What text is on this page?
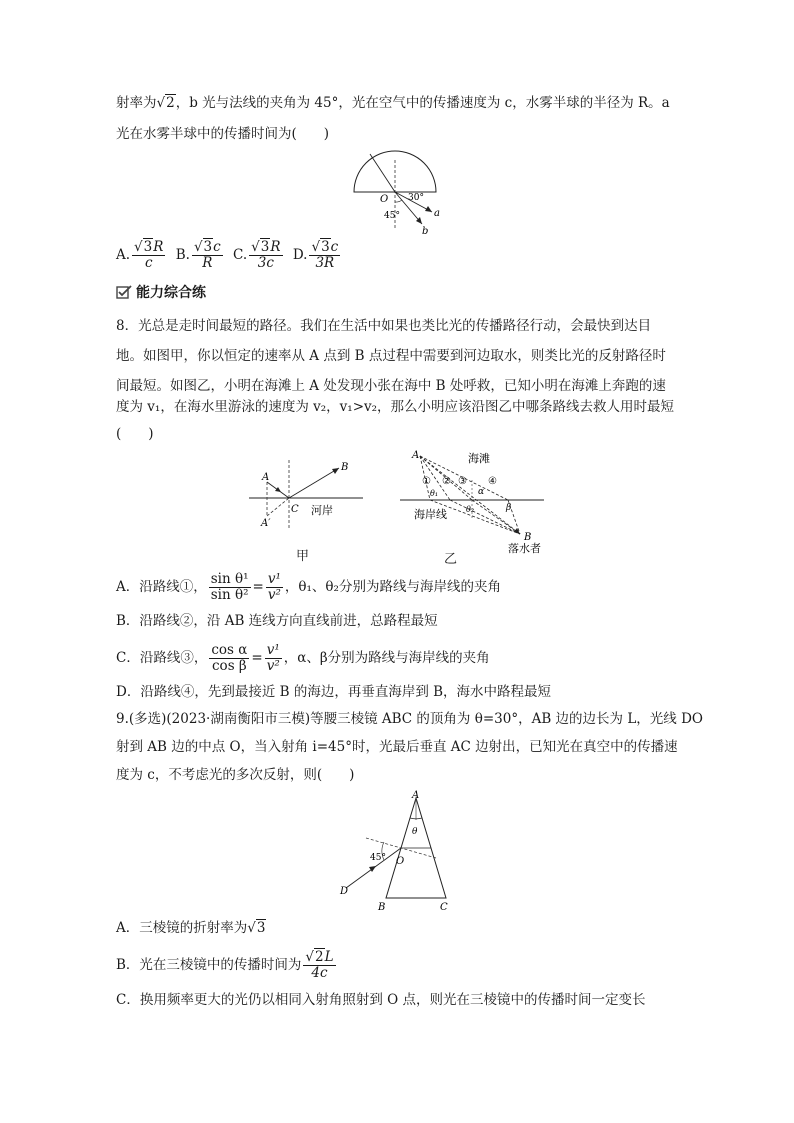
射率为√2，b 光与法线的夹角为 45°，光在空气中的传播速度为 c，水雾半球的半径为 R。a
光在水雾半球中的传播时间为(　　)
O 30°
45°	a
b
A. $\frac{√3R}{c} B$. $\frac{√3c}{R} C$. $\frac{√3R}{3c} D$. $\frac{√3c}{3R}$
能力综合练
8．光总是走时间最短的路径。我们在生活中如果也类比光的传播路径行动，会最快到达目
地。如图甲，你以恒定的速率从 A 点到 B 点过程中需要到河边取水，则类比光的反射路径时
间最短。如图乙，小明在海滩上 A 处发现小张在海中 B 处呼救，已知小明在海滩上奔跑的速
度为 v₁，在海水里游泳的速度为 v₂，v₁>v₂，那么小明应该沿图乙中哪条路线去救人用时最短
(　　)
A
B
C
A′
河岸
甲
A
B
海滩
海岸线
落水者
① ② ③ ④
θ₁
θ₂
α
β
乙
A．沿路线①， $\frac{\text{sin θ¹}}{\text{sin θ²}} = \frac{\text{v¹}}{\text{v²}}$ ，θ₁、θ₂分别为路线与海岸线的夹角
B．沿路线②，沿 AB 连线方向直线前进，总路程最短
C．沿路线③， $\frac{\text{cos α}}{\text{cos β}} = \frac{\text{v¹}}{\text{v²}}$ ，α、β分别为路线与海岸线的夹角
D．沿路线④，先到最接近 B 的海边，再垂直海岸到 B，海水中路程最短
9.(多选)(2023·湖南衡阳市三模)等腰三棱镜 ABC 的顶角为 θ=30°，AB 边的边长为 L，光线 DO
射到 AB 边的中点 O，当入射角 i=45°时，光最后垂直 AC 边射出，已知光在真空中的传播速
度为 c，不考虑光的多次反射，则(　　)
A
B	C
O
D
θ
45°
A．三棱镜的折射率为√3
B．光在三棱镜中的传播时间为 $\frac{√2L}{4c}$
C．换用频率更大的光仍以相同入射角照射到 O 点，则光在三棱镜中的传播时间一定变长
